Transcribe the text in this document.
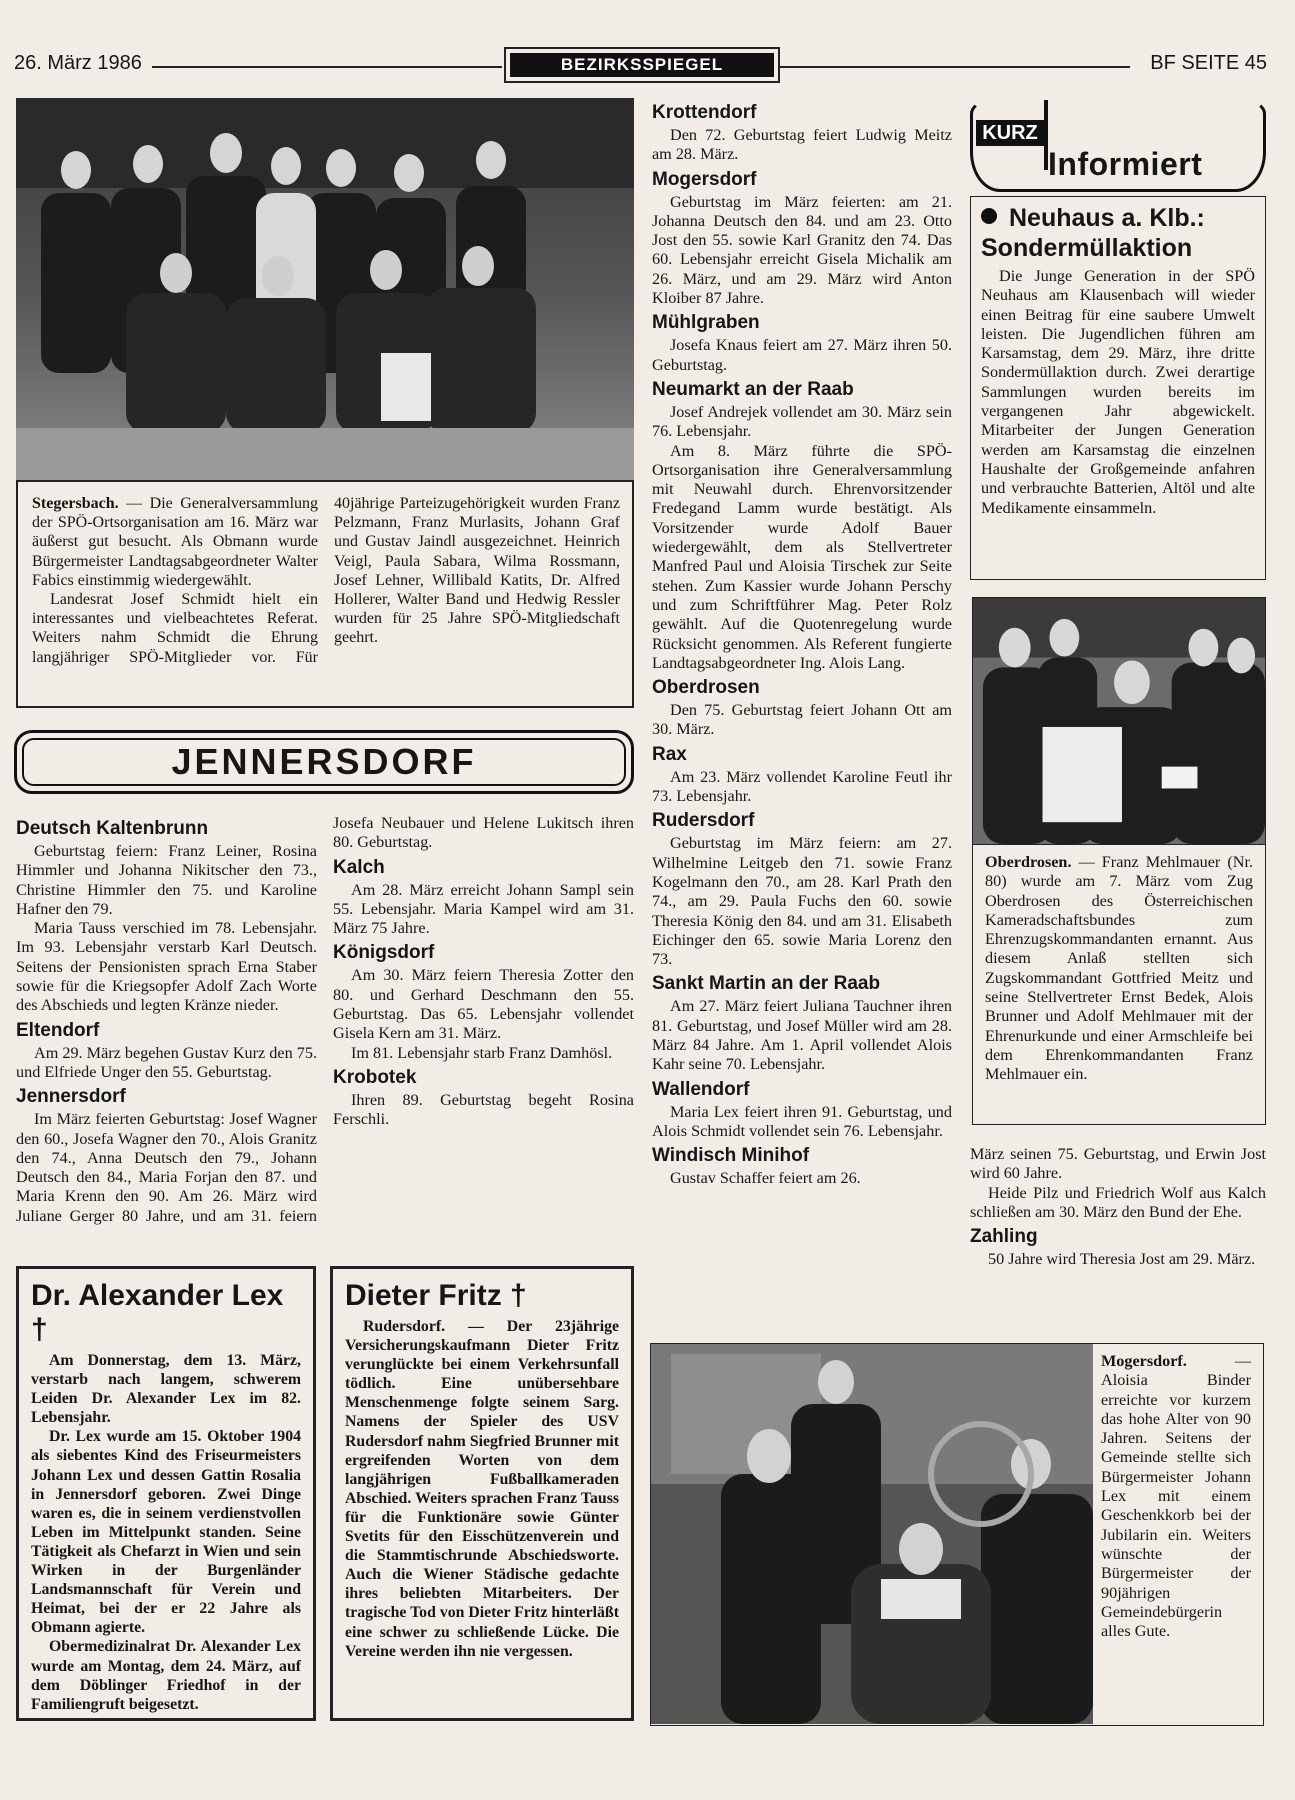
26. März 1986	BEZIRKSSPIEGEL	BF SEITE 45

Stegersbach. — Die Generalversammlung der SPÖ-Ortsorganisation am 16. März war äußerst gut besucht. Als Obmann wurde Bürgermeister Landtagsabgeordneter Walter Fabics einstimmig wiedergewählt.

Landesrat Josef Schmidt hielt ein interessantes und vielbeachtetes Referat. Weiters nahm Schmidt die Ehrung langjähriger SPÖ-Mitglieder vor. Für 40jährige Parteizugehörigkeit wurden Franz Pelzmann, Franz Murlasits, Johann Graf und Gustav Jaindl ausgezeichnet. Heinrich Veigl, Paula Sabara, Wilma Rossmann, Josef Lehner, Willibald Katits, Dr. Alfred Hollerer, Walter Band und Hedwig Ressler wurden für 25 Jahre SPÖ-Mitgliedschaft geehrt.

JENNERSDORF
Deutsch Kaltenbrunn

Geburtstag feiern: Franz Leiner, Rosina Himmler und Johanna Nikitscher den 73., Christine Himmler den 75. und Karoline Hafner den 79.

Maria Tauss verschied im 78. Lebensjahr. Im 93. Lebensjahr verstarb Karl Deutsch. Seitens der Pensionisten sprach Erna Staber sowie für die Kriegsopfer Adolf Zach Worte des Abschieds und legten Kränze nieder.

Eltendorf

Am 29. März begehen Gustav Kurz den 75. und Elfriede Unger den 55. Geburtstag.

Jennersdorf

Im März feierten Geburtstag: Josef Wagner den 60., Josefa Wagner den 70., Alois Granitz den 74., Anna Deutsch den 79., Johann Deutsch den 84., Maria Forjan den 87. und Maria Krenn den 90. Am 26. März wird Juliane Gerger 80 Jahre, und am 31. feiern Josefa Neubauer und Helene Lukitsch ihren 80. Geburtstag.

Kalch

Am 28. März erreicht Johann Sampl sein 55. Lebensjahr. Maria Kampel wird am 31. März 75 Jahre.

Königsdorf

Am 30. März feiern Theresia Zotter den 80. und Gerhard Deschmann den 55. Geburtstag. Das 65. Lebensjahr vollendet Gisela Kern am 31. März.

Im 81. Lebensjahr starb Franz Damhösl.

Krobotek

Ihren 89. Geburtstag begeht Rosina Ferschli.

Dr. Alexander Lex †

Am Donnerstag, dem 13. März, verstarb nach langem, schwerem Leiden Dr. Alexander Lex im 82. Lebensjahr.

Dr. Lex wurde am 15. Oktober 1904 als siebentes Kind des Friseurmeisters Johann Lex und dessen Gattin Rosalia in Jennersdorf geboren. Zwei Dinge waren es, die in seinem verdienstvollen Leben im Mittelpunkt standen. Seine Tätigkeit als Chefarzt in Wien und sein Wirken in der Burgenländer Landsmannschaft für Verein und Heimat, bei der er 22 Jahre als Obmann agierte.

Obermedizinalrat Dr. Alexander Lex wurde am Montag, dem 24. März, auf dem Döblinger Friedhof in der Familiengruft beigesetzt.

Dieter Fritz †

Rudersdorf. — Der 23jährige Versicherungskaufmann Dieter Fritz verunglückte bei einem Verkehrsunfall tödlich. Eine unübersehbare Menschenmenge folgte seinem Sarg. Namens der Spieler des USV Rudersdorf nahm Siegfried Brunner mit ergreifenden Worten von dem langjährigen Fußballkameraden Abschied. Weiters sprachen Franz Tauss für die Funktionäre sowie Günter Svetits für den Eisschützenverein und die Stammtischrunde Abschiedsworte. Auch die Wiener Städische gedachte ihres beliebten Mitarbeiters. Der tragische Tod von Dieter Fritz hinterläßt eine schwer zu schließende Lücke. Die Vereine werden ihn nie vergessen.

Krottendorf

Den 72. Geburtstag feiert Ludwig Meitz am 28. März.

Mogersdorf

Geburtstag im März feierten: am 21. Johanna Deutsch den 84. und am 23. Otto Jost den 55. sowie Karl Granitz den 74. Das 60. Lebensjahr erreicht Gisela Michalik am 26. März, und am 29. März wird Anton Kloiber 87 Jahre.

Mühlgraben

Josefa Knaus feiert am 27. März ihren 50. Geburtstag.

Neumarkt an der Raab

Josef Andrejek vollendet am 30. März sein 76. Lebensjahr.

Am 8. März führte die SPÖ-Ortsorganisation ihre Generalversammlung mit Neuwahl durch. Ehrenvorsitzender Fredegand Lamm wurde bestätigt. Als Vorsitzender wurde Adolf Bauer wiedergewählt, dem als Stellvertreter Manfred Paul und Aloisia Tirschek zur Seite stehen. Zum Kassier wurde Johann Perschy und zum Schriftführer Mag. Peter Rolz gewählt. Auf die Quotenregelung wurde Rücksicht genommen. Als Referent fungierte Landtagsabgeordneter Ing. Alois Lang.

Oberdrosen

Den 75. Geburtstag feiert Johann Ott am 30. März.

Rax

Am 23. März vollendet Karoline Feutl ihr 73. Lebensjahr.

Rudersdorf

Geburtstag im März feiern: am 27. Wilhelmine Leitgeb den 71. sowie Franz Kogelmann den 70., am 28. Karl Prath den 74., am 29. Paula Fuchs den 60. sowie Theresia König den 84. und am 31. Elisabeth Eichinger den 65. sowie Maria Lorenz den 73.

Sankt Martin an der Raab

Am 27. März feiert Juliana Tauchner ihren 81. Geburtstag, und Josef Müller wird am 28. März 84 Jahre. Am 1. April vollendet Alois Kahr seine 70. Lebensjahr.

Wallendorf

Maria Lex feiert ihren 91. Geburtstag, und Alois Schmidt vollendet sein 76. Lebensjahr.

Windisch Minihof

Gustav Schaffer feiert am 26.

KURZ
Informiert
Neuhaus a. Klb.: Sondermüllaktion

Die Junge Generation in der SPÖ Neuhaus am Klausenbach will wieder einen Beitrag für eine saubere Umwelt leisten. Die Jugendlichen führen am Karsamstag, dem 29. März, ihre dritte Sondermüllaktion durch. Zwei derartige Sammlungen wurden bereits im vergangenen Jahr abgewickelt. Mitarbeiter der Jungen Generation werden am Karsamstag die einzelnen Haushalte der Großgemeinde anfahren und verbrauchte Batterien, Altöl und alte Medikamente einsammeln.

Oberdrosen. — Franz Mehlmauer (Nr. 80) wurde am 7. März vom Zug Oberdrosen des Österreichischen Kameradschaftsbundes zum Ehrenzugskommandanten ernannt. Aus diesem Anlaß stellten sich Zugskommandant Gottfried Meitz und seine Stellvertreter Ernst Bedek, Alois Brunner und Adolf Mehlmauer mit der Ehrenurkunde und einer Armschleife bei dem Ehrenkommandanten Franz Mehlmauer ein.

März seinen 75. Geburtstag, und Erwin Jost wird 60 Jahre.

Heide Pilz und Friedrich Wolf aus Kalch schließen am 30. März den Bund der Ehe.

Zahling

50 Jahre wird Theresia Jost am 29. März.

Mogersdorf.	— Aloisia Binder erreichte vor kurzem das hohe Alter von 90 Jahren. Seitens der Gemeinde stellte sich Bürgermeister Johann Lex mit einem Geschenkkorb bei der Jubilarin ein. Weiters wünschte der Bürgermeister der 90jährigen Gemeindebürgerin alles Gute.
